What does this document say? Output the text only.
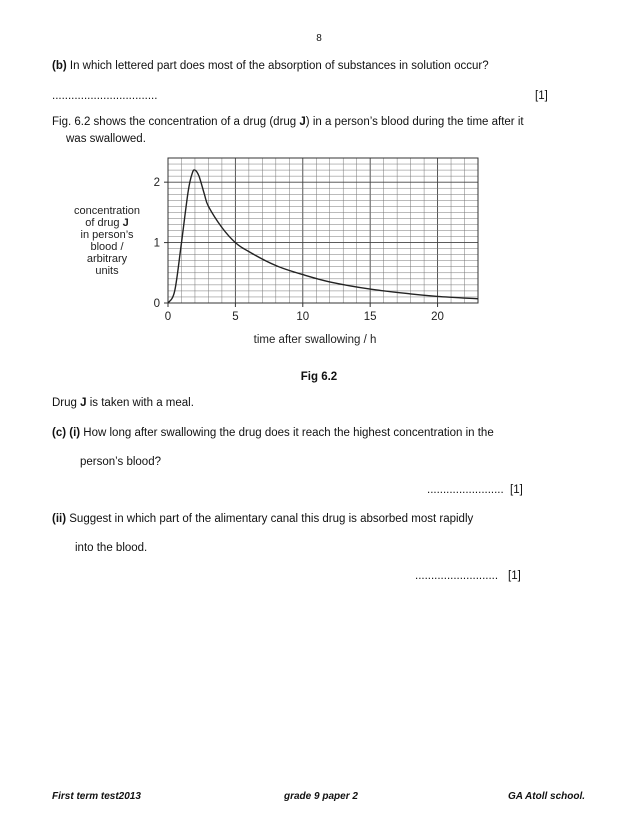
8
(b) In which lettered part does most of the absorption of substances in solution occur?
.................................	[1]
Fig. 6.2 shows the concentration of a drug (drug J) in a person’s blood during the time after it
was swallowed.
concentration
of drug J
in person’s
blood /
arbitrary
units
0
1
2
0	5	10	15	20
time after swallowing / h
Fig 6.2
Drug J is taken with a meal.
(c) (i) How long after swallowing the drug does it reach the highest concentration in the
person’s blood?
........................ [1]
(ii) Suggest in which part of the alimentary canal this drug is absorbed most rapidly
into the blood.
.......................... [1]
First term test2013	grade 9 paper 2	GA Atoll school.
